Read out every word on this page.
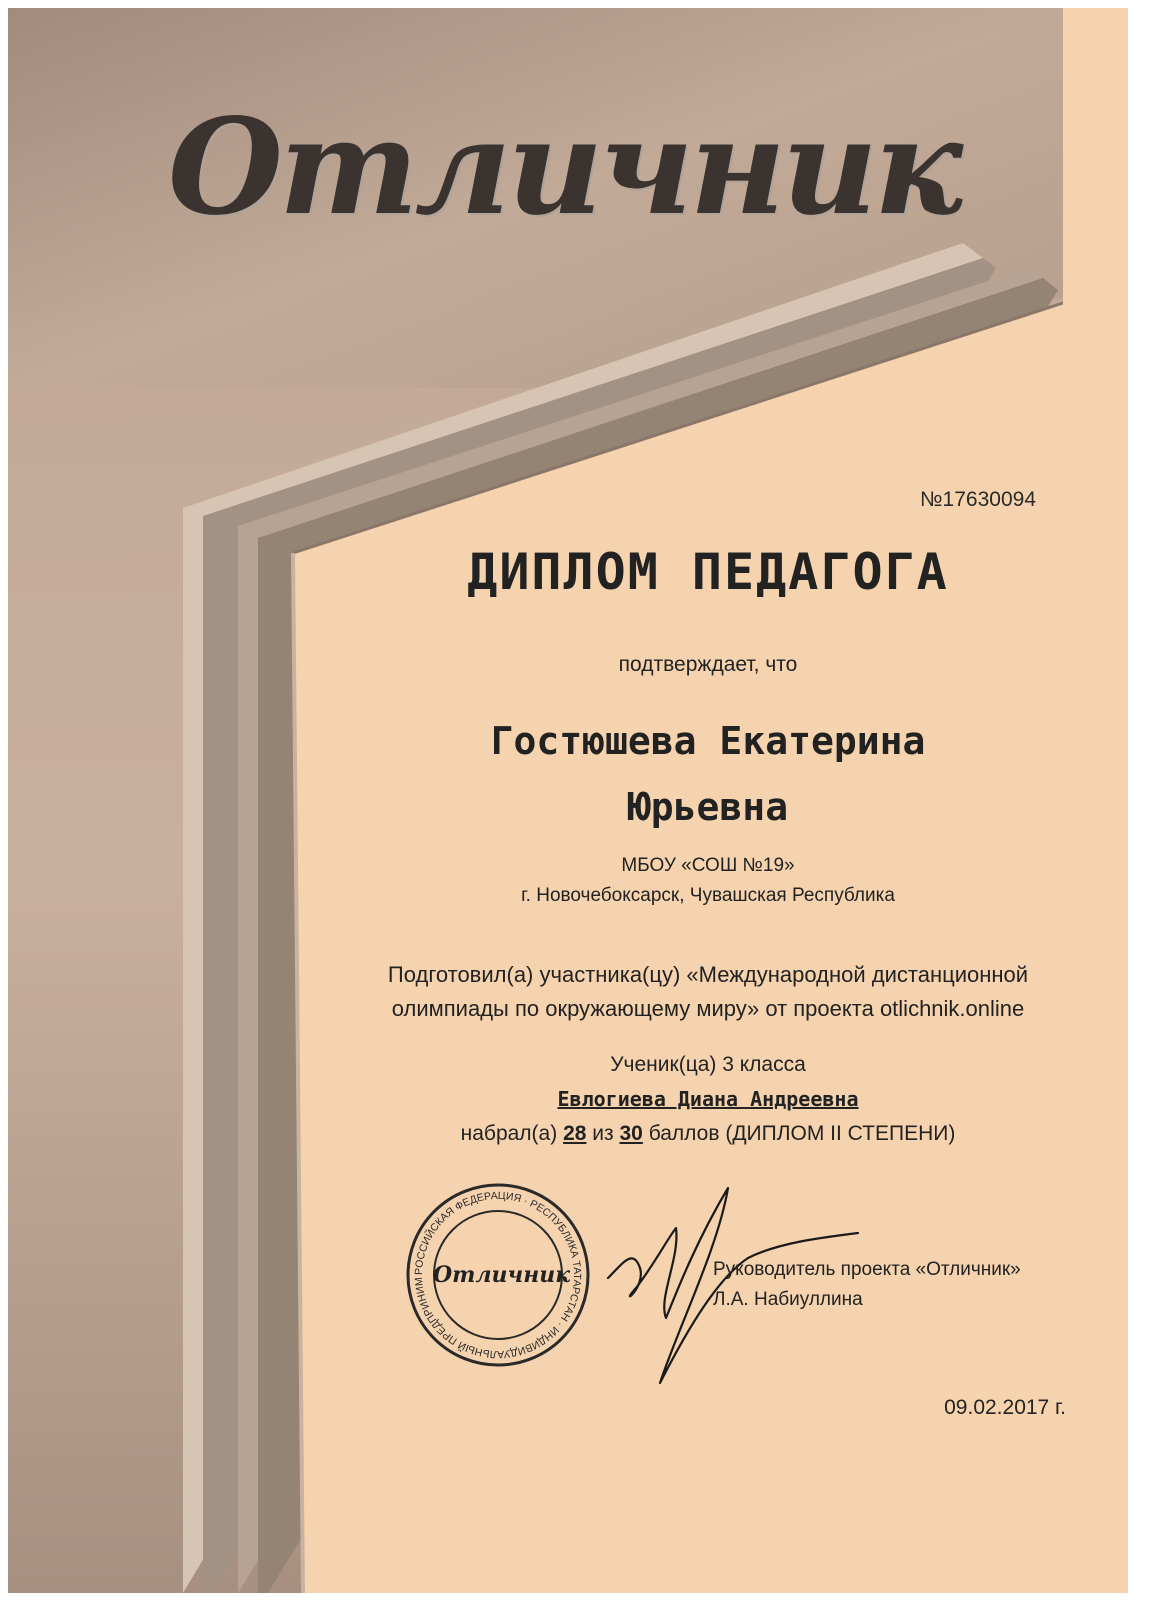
Отличник
№17630094
ДИПЛОМ ПЕДАГОГА
подтверждает, что
Гостюшева Екатерина
Юрьевна
МБОУ «СОШ №19»
г. Новочебоксарск, Чувашская Республика
Подготовил(а) участника(цу) «Международной дистанционной
олимпиады по окружающему миру» от проекта otlichnik.online
Ученик(ца) 3 класса
Евлогиева Диана Андреевна
набрал(а) 28 из 30 баллов (ДИПЛОМ II СТЕПЕНИ)
РОССИЙСКАЯ ФЕДЕРАЦИЯ · РЕСПУБЛИКА ТАТАРСТАН · ИНДИВИДУАЛЬНЫЙ ПРЕДПРИНИМ Отличник	Руководитель проекта «Отличник»
Л.А. Набиуллина
09.02.2017 г.
